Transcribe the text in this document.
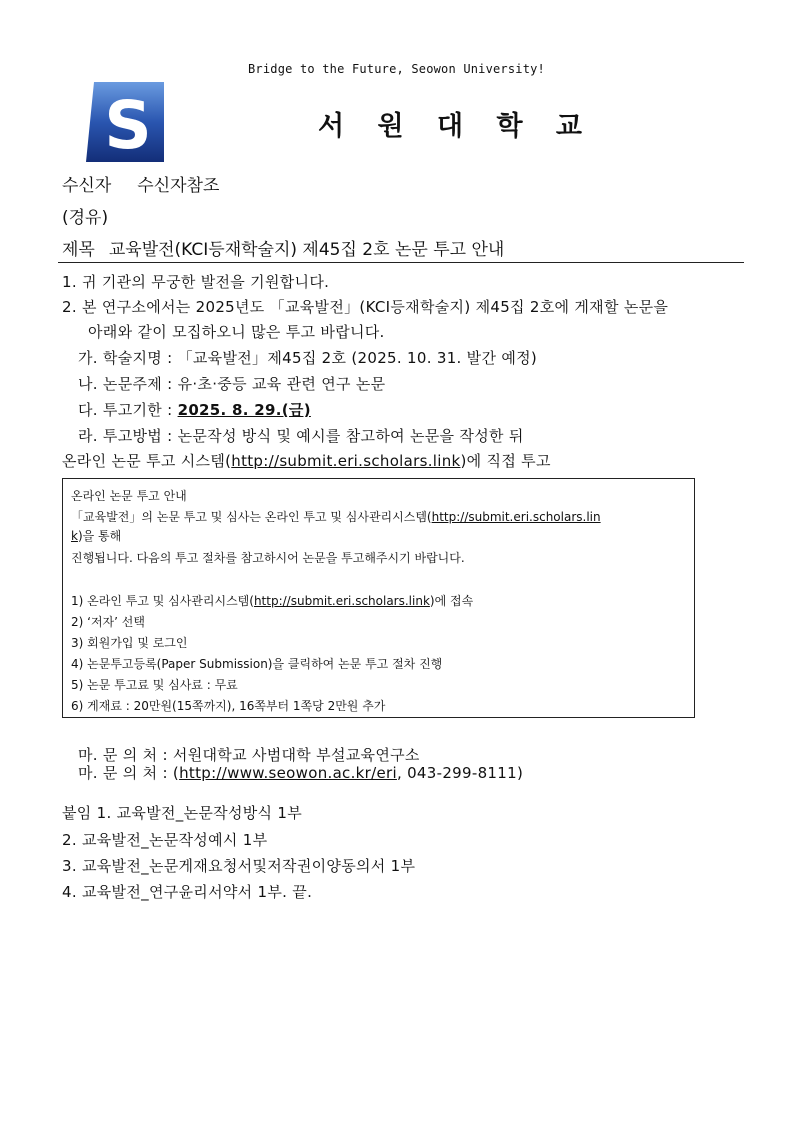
Bridge to the Future, Seowon University!
S	서 원 대 학 교
수신자 수신자참조
(경유)
제목 교육발전(KCI등재학술지) 제45집 2호 논문 투고 안내
1. 귀 기관의 무궁한 발전을 기원합니다.
2. 본 연구소에서는 2025년도 「교육발전」(KCI등재학술지) 제45집 2호에 게재할 논문을
아래와 같이 모집하오니 많은 투고 바랍니다.
가. 학술지명 : 「교육발전」제45집 2호 (2025. 10. 31. 발간 예정)
나. 논문주제 : 유·초·중등 교육 관련 연구 논문
다. 투고기한 : 2025. 8. 29.(금)
라. 투고방법 : 논문작성 방식 및 예시를 참고하여 논문을 작성한 뒤
온라인 논문 투고 시스템(http://submit.eri.scholars.link)에 직접 투고
온라인 논문 투고 안내
「교육발전」의 논문 투고 및 심사는 온라인 투고 및 심사관리시스템(http://submit.eri.scholars.lin
k)을 통해
진행됩니다. 다음의 투고 절차를 참고하시어 논문을 투고해주시기 바랍니다.
1) 온라인 투고 및 심사관리시스템(http://submit.eri.scholars.link)에 접속
2) ‘저자’ 선택
3) 회원가입 및 로그인
4) 논문투고등록(Paper Submission)을 클릭하여 논문 투고 절차 진행
5) 논문 투고료 및 심사료 : 무료
6) 게재료 : 20만원(15쪽까지), 16쪽부터 1쪽당 2만원 추가
마. 문 의 처 : 서원대학교 사범대학 부설교육연구소
마. 문 의 처 : (http://www.seowon.ac.kr/eri, 043-299-8111)
붙임 1. 교육발전_논문작성방식 1부
2. 교육발전_논문작성예시 1부
3. 교육발전_논문게재요청서및저작권이양동의서 1부
4. 교육발전_연구윤리서약서 1부. 끝.
